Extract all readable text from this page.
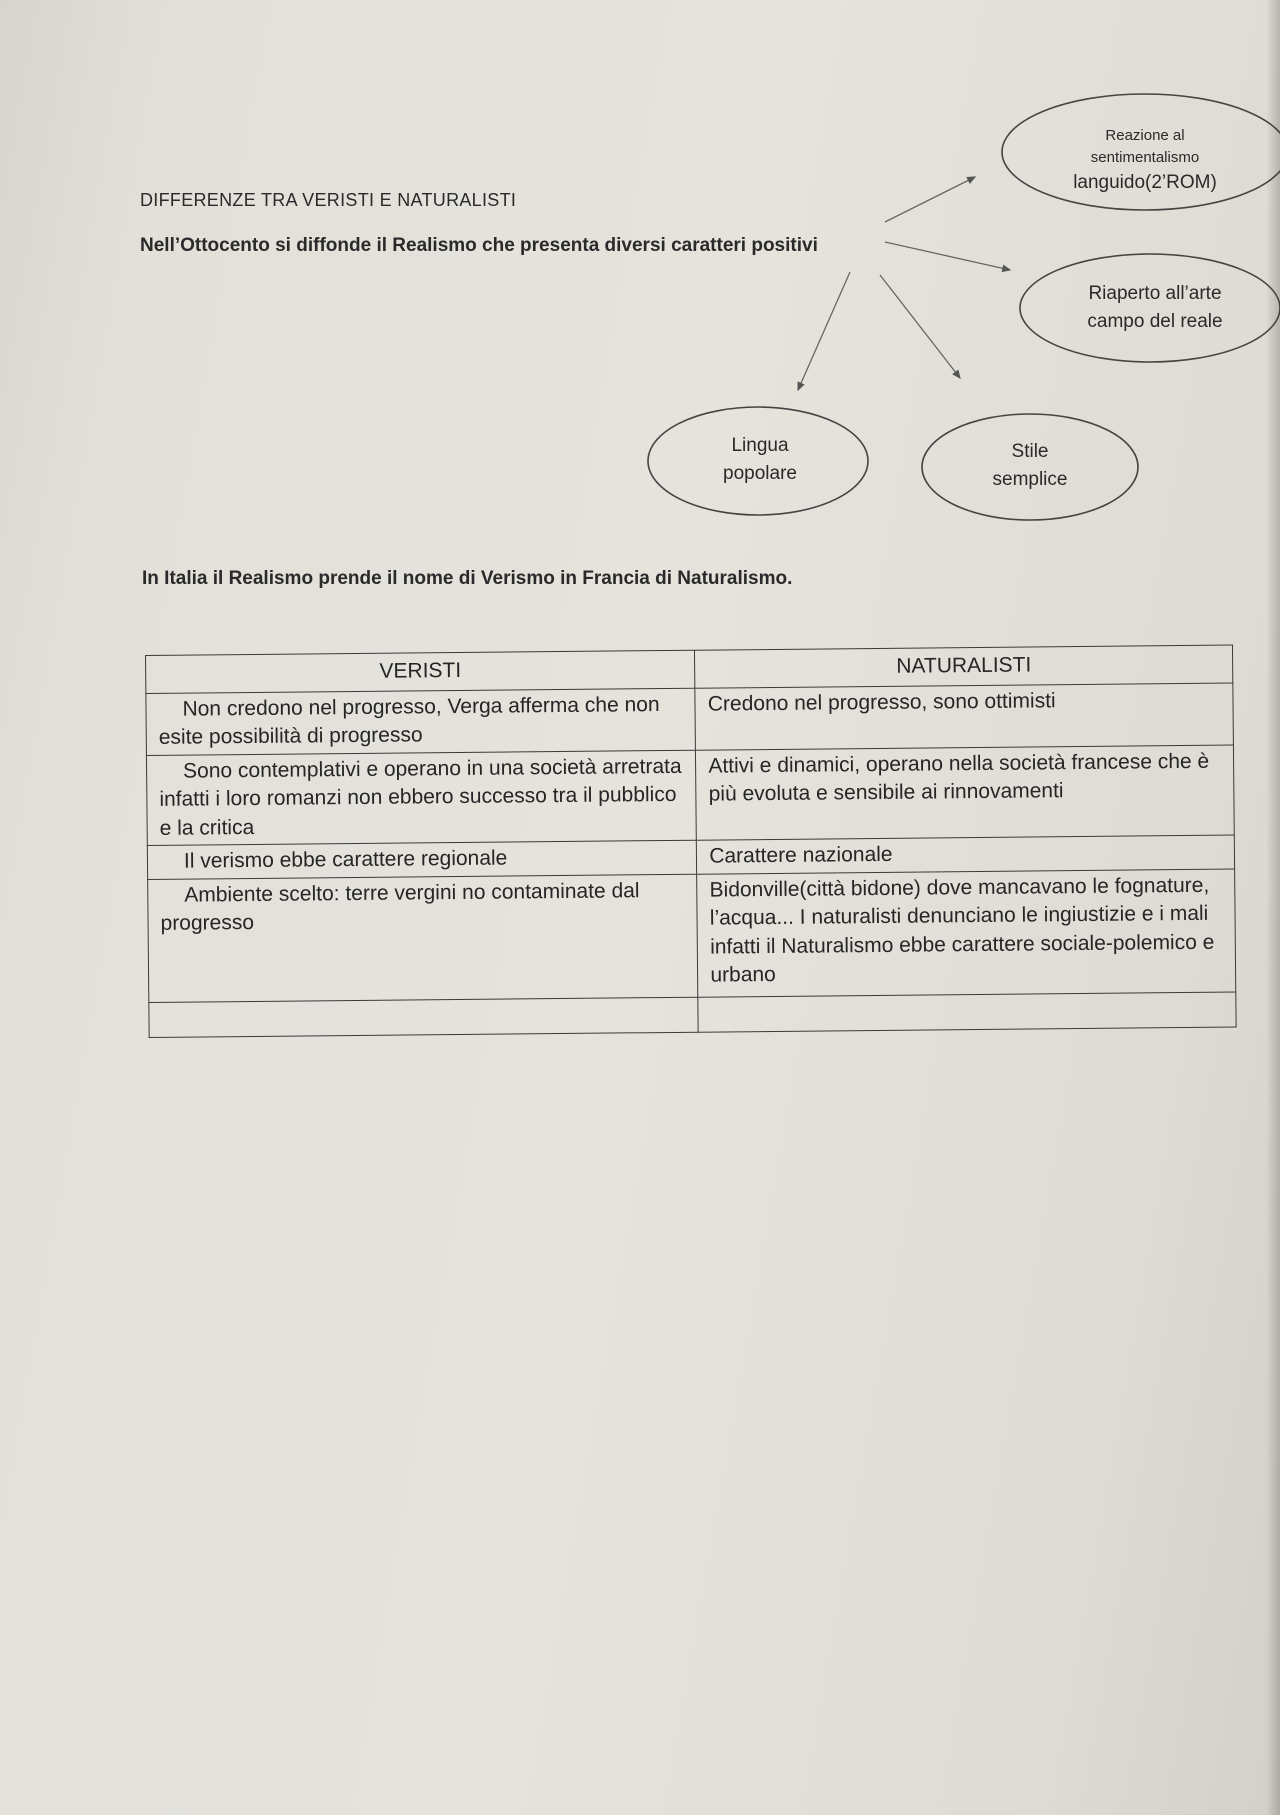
DIFFERENZE TRA VERISTI E NATURALISTI
Nell’Ottocento si diffonde il Realismo che presenta diversi caratteri positivi
Reazione al
sentimentalismo
languido(2’ROM)
Riaperto all’arte
campo del reale
Lingua
popolare
Stile
semplice
In Italia il Realismo prende il nome di Verismo in Francia di Naturalismo.
VERISTI	NATURALISTI
Non credono nel progresso, Verga afferma che non esite possibilità di progresso	Credono nel progresso, sono ottimisti
Sono contemplativi e operano in una società arretrata infatti i loro romanzi non ebbero successo tra il pubblico e la critica	Attivi e dinamici, operano nella società francese che è più evoluta e sensibile ai rinnovamenti
Il verismo ebbe carattere regionale	Carattere nazionale
Ambiente scelto: terre vergini no contaminate dal progresso	Bidonville(città bidone) dove mancavano le fognature, l’acqua... I naturalisti denunciano le ingiustizie e i mali infatti il Naturalismo ebbe carattere sociale-polemico e urbano
